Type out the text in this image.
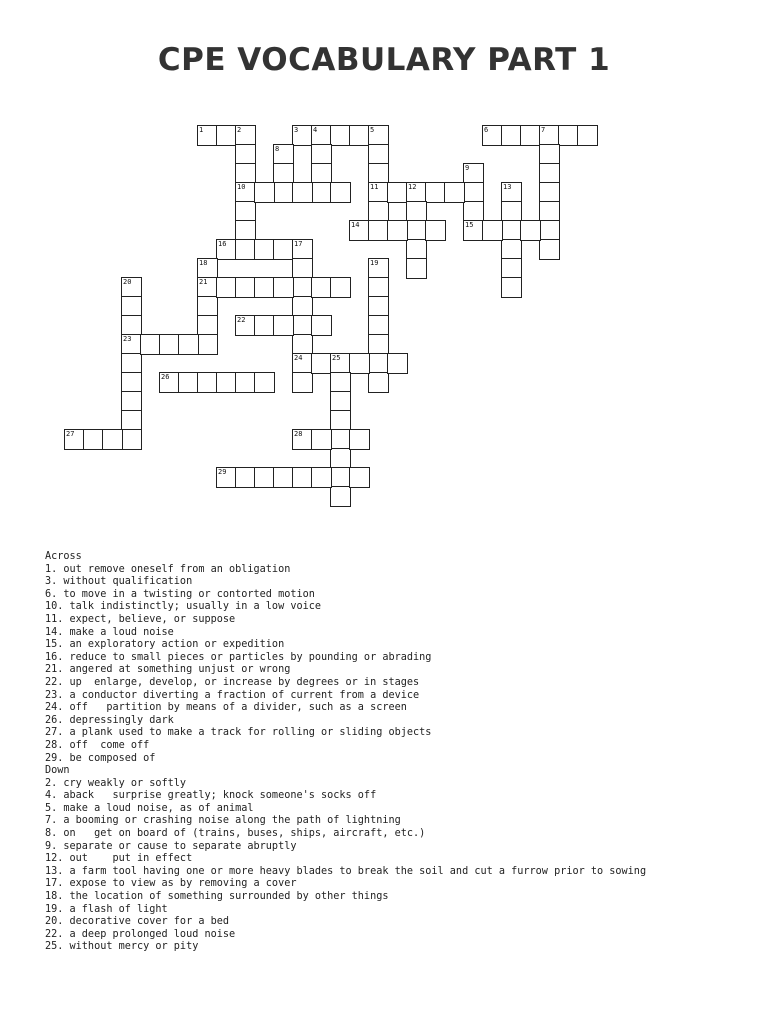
CPE VOCABULARY PART 1
1	2
10
3 4	5
11
6	7
8
9
12	13
14	15
16	17
24
18
21
19
20
23
22
25
26
27	28
29
Across
1. out remove oneself from an obligation
3. without qualification
6. to move in a twisting or contorted motion
10. talk indistinctly; usually in a low voice
11. expect, believe, or suppose
14. make a loud noise
15. an exploratory action or expedition
16. reduce to small pieces or particles by pounding or abrading
21. angered at something unjust or wrong
22. up  enlarge, develop, or increase by degrees or in stages
23. a conductor diverting a fraction of current from a device
24. off   partition by means of a divider, such as a screen
26. depressingly dark
27. a plank used to make a track for rolling or sliding objects
28. off  come off
29. be composed of
Down
2. cry weakly or softly
4. aback   surprise greatly; knock someone's socks off
5. make a loud noise, as of animal
7. a booming or crashing noise along the path of lightning
8. on   get on board of (trains, buses, ships, aircraft, etc.)
9. separate or cause to separate abruptly
12. out    put in effect
13. a farm tool having one or more heavy blades to break the soil and cut a furrow prior to sowing
17. expose to view as by removing a cover
18. the location of something surrounded by other things
19. a flash of light
20. decorative cover for a bed
22. a deep prolonged loud noise
25. without mercy or pity
